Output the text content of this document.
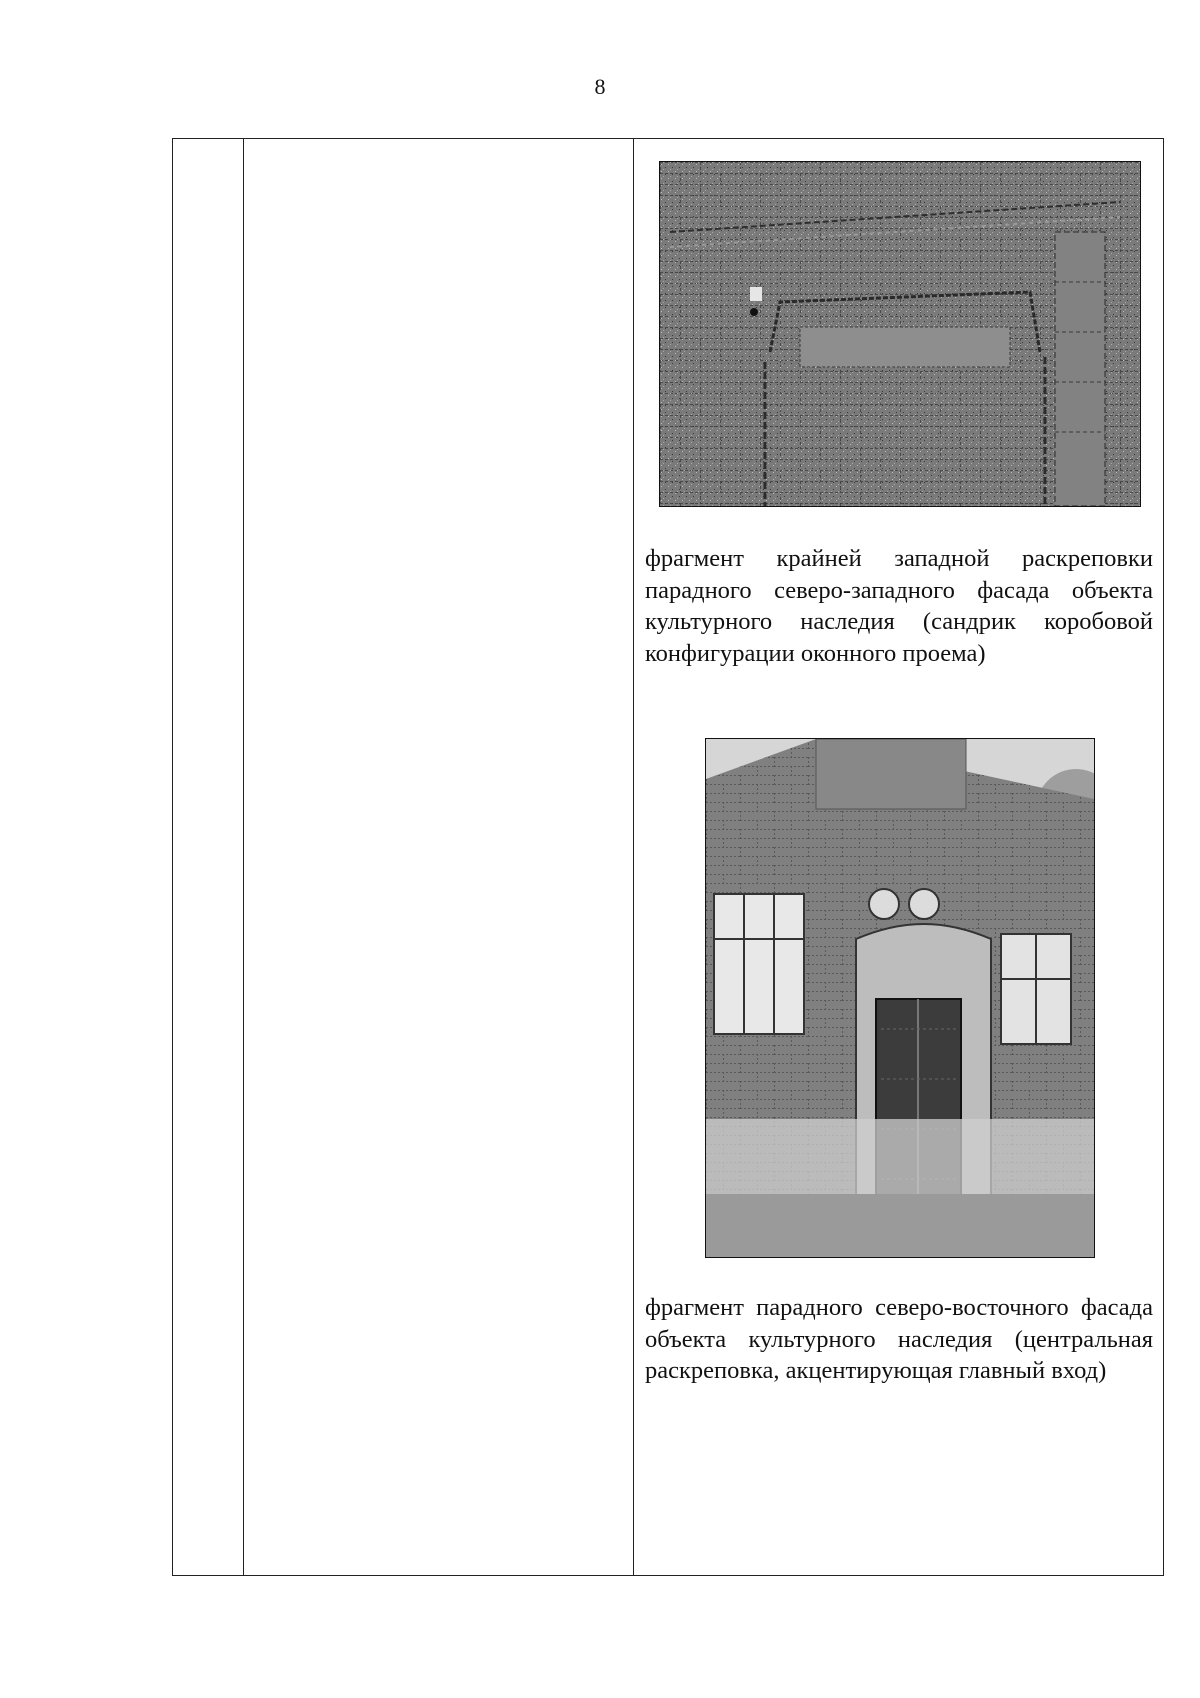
8
фрагмент крайней западной раскреповки парадного северо-западного фасада объекта культурного наследия (сандрик коробовой конфигурации оконного проема)
фрагмент парадного северо-восточного фасада объекта культурного наследия (центральная раскреповка, акцентирующая главный вход)
